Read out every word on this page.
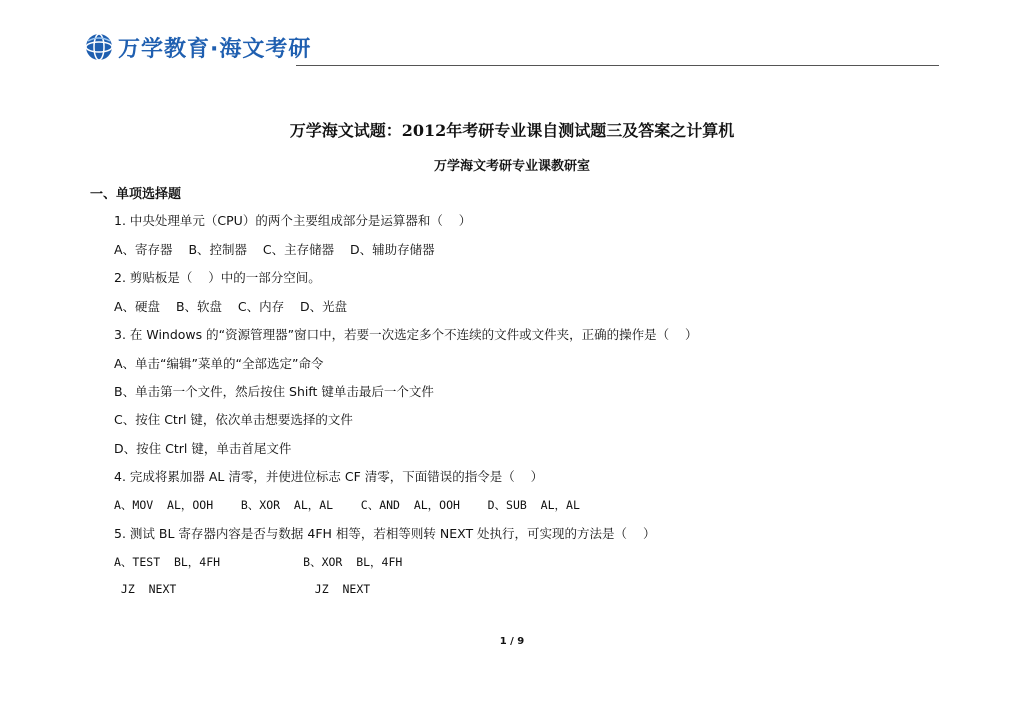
万学教育·海文考研
万学海文试题：2012年考研专业课自测试题三及答案之计算机
万学海文考研专业课教研室
一、单项选择题
1. 中央处理单元（CPU）的两个主要组成部分是运算器和（    ）
A、寄存器    B、控制器    C、主存储器    D、辅助存储器
2. 剪贴板是（    ）中的一部分空间。
A、硬盘    B、软盘    C、内存    D、光盘
3. 在 Windows 的“资源管理器”窗口中，若要一次选定多个不连续的文件或文件夹，正确的操作是（    ）
A、单击“编辑”菜单的“全部选定”命令
B、单击第一个文件，然后按住 Shift 键单击最后一个文件
C、按住 Ctrl 键，依次单击想要选择的文件
D、按住 Ctrl 键，单击首尾文件
4. 完成将累加器 AL 清零，并使进位标志 CF 清零，下面错误的指令是（    ）
A、MOV  AL，OOH    B、XOR  AL，AL    C、AND  AL，OOH    D、SUB  AL，AL
5. 测试 BL 寄存器内容是否与数据 4FH 相等，若相等则转 NEXT 处执行，可实现的方法是（    ）
A、TEST  BL，4FH            B、XOR  BL，4FH
JZ  NEXT                    JZ  NEXT
1 / 9
